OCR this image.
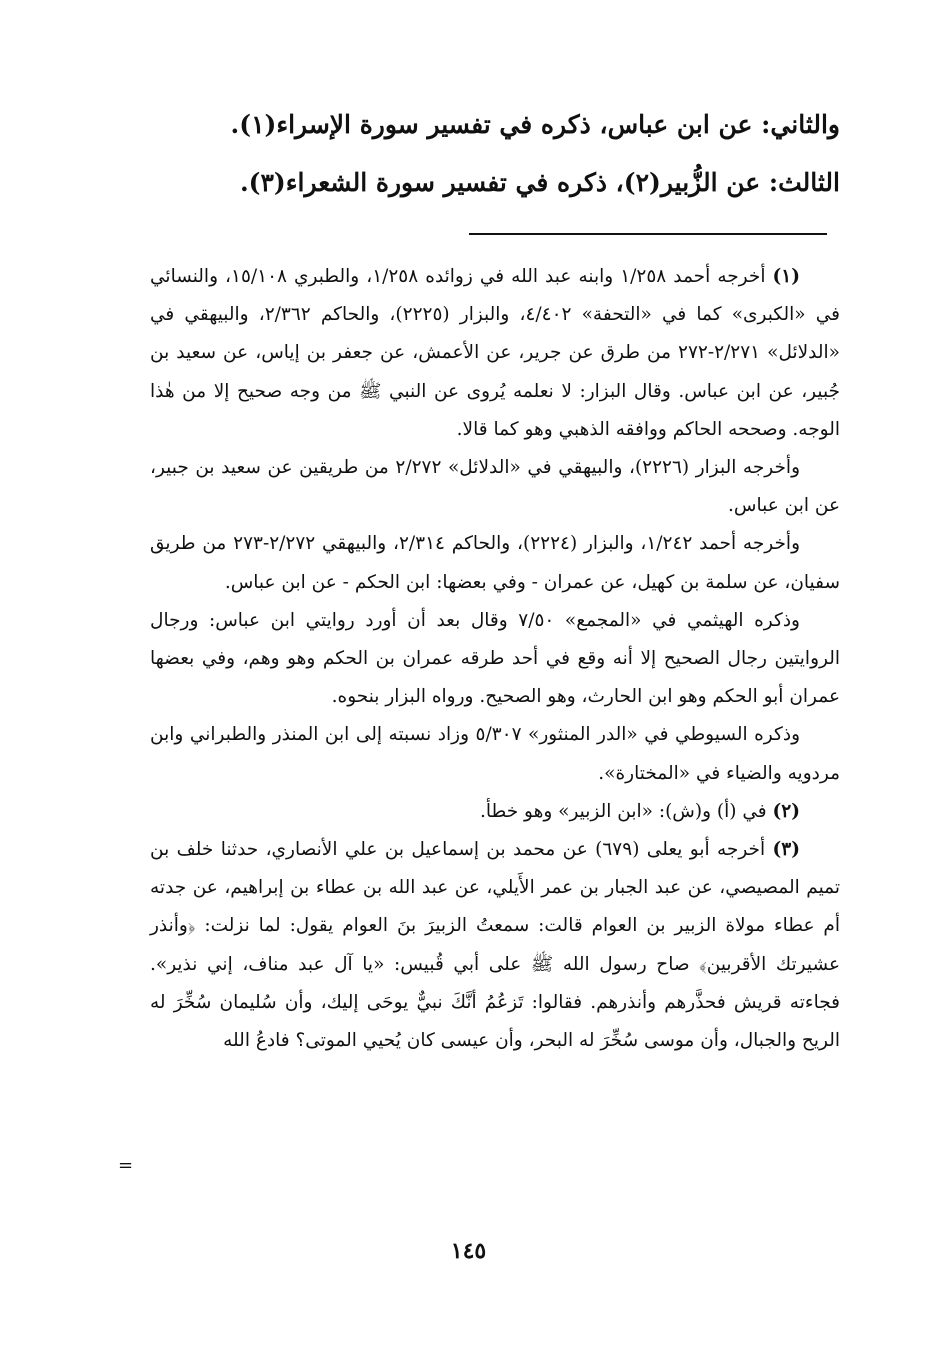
والثاني: عن ابن عباس، ذكره في تفسير سورة الإسراء(١).
الثالث: عن الزُّبير(٢)، ذكره في تفسير سورة الشعراء(٣).

(١) أخرجه أحمد ١/٢٥٨ وابنه عبد الله في زوائده ١/٢٥٨، والطبري ١٥/١٠٨، والنسائي في «الكبرى» كما في «التحفة» ٤/٤٠٢، والبزار (٢٢٢٥)، والحاكم ٢/٣٦٢، والبيهقي في «الدلائل» ٢/٢٧١-٢٧٢ من طرق عن جرير، عن الأعمش، عن جعفر بن إياس، عن سعيد بن جُبير، عن ابن عباس. وقال البزار: لا نعلمه يُروى عن النبي ﷺ من وجه صحيح إلا من هٰذا الوجه. وصححه الحاكم ووافقه الذهبي وهو كما قالا.

وأخرجه البزار (٢٢٢٦)، والبيهقي في «الدلائل» ٢/٢٧٢ من طريقين عن سعيد بن جبير، عن ابن عباس.

وأخرجه أحمد ١/٢٤٢، والبزار (٢٢٢٤)، والحاكم ٢/٣١٤، والبيهقي ٢/٢٧٢-٢٧٣ من طريق سفيان، عن سلمة بن كهيل، عن عمران - وفي بعضها: ابن الحكم - عن ابن عباس.

وذكره الهيثمي في «المجمع» ٧/٥٠ وقال بعد أن أورد روايتي ابن عباس: ورجال الروايتين رجال الصحيح إلا أنه وقع في أحد طرقه عمران بن الحكم وهو وهم، وفي بعضها عمران أبو الحكم وهو ابن الحارث، وهو الصحيح. ورواه البزار بنحوه.

وذكره السيوطي في «الدر المنثور» ٥/٣٠٧ وزاد نسبته إلى ابن المنذر والطبراني وابن مردويه والضياء في «المختارة».

(٢) في (أ) و(ش): «ابن الزبير» وهو خطأ.

(٣) أخرجه أبو يعلى (٦٧٩) عن محمد بن إسماعيل بن علي الأنصاري، حدثنا خلف بن تميم المصيصي، عن عبد الجبار بن عمر الأَيلي، عن عبد الله بن عطاء بن إبراهيم، عن جدته أم عطاء مولاة الزبير بن العوام قالت: سمعتُ الزبيرَ بنَ العوام يقول: لما نزلت: ﴿وأنذر عشيرتك الأقربين﴾ صاح رسول الله ﷺ على أبي قُبيس: «يا آل عبد مناف، إني نذير». فجاءته قريش فحذَّرهم وأنذرهم. فقالوا: تَزعُمُ أنَّكَ نبيٌّ يوحَى إليك، وأن سُليمان سُخِّرَ له الريح والجبال، وأن موسى سُخِّرَ له البحر، وأن عيسى كان يُحيي الموتى؟ فادعُ الله

=
١٤٥
